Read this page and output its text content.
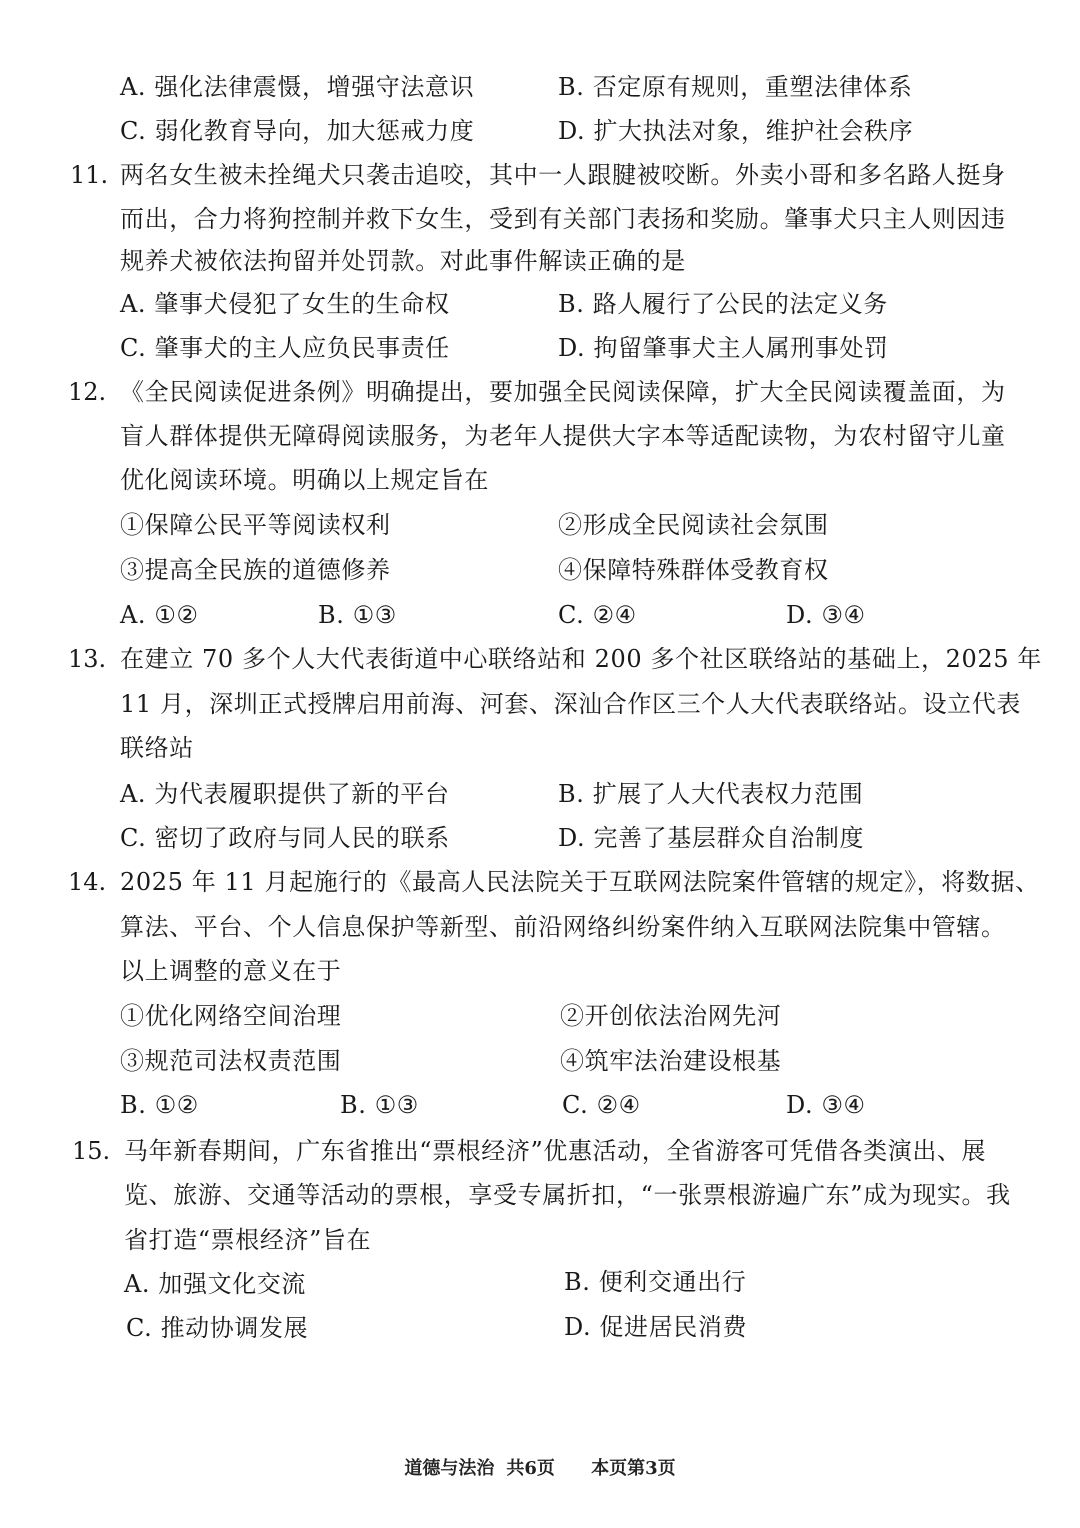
A. 强化法律震慑，增强守法意识	B. 否定原有规则，重塑法律体系
C. 弱化教育导向，加大惩戒力度	D. 扩大执法对象，维护社会秩序
11. 两名女生被未拴绳犬只袭击追咬，其中一人跟腱被咬断。外卖小哥和多名路人挺身
而出，合力将狗控制并救下女生，受到有关部门表扬和奖励。肇事犬只主人则因违
规养犬被依法拘留并处罚款。对此事件解读正确的是
A. 肇事犬侵犯了女生的生命权	B. 路人履行了公民的法定义务
C. 肇事犬的主人应负民事责任	D. 拘留肇事犬主人属刑事处罚
12. 《全民阅读促进条例》明确提出，要加强全民阅读保障，扩大全民阅读覆盖面，为
盲人群体提供无障碍阅读服务，为老年人提供大字本等适配读物，为农村留守儿童
优化阅读环境。明确以上规定旨在
①保障公民平等阅读权利	②形成全民阅读社会氛围
③提高全民族的道德修养	④保障特殊群体受教育权
A. ①②	B. ①③	C. ②④	D. ③④
13. 在建立 70 多个人大代表街道中心联络站和 200 多个社区联络站的基础上，2025 年
11 月，深圳正式授牌启用前海、河套、深汕合作区三个人大代表联络站。设立代表
联络站
A. 为代表履职提供了新的平台	B. 扩展了人大代表权力范围
C. 密切了政府与同人民的联系	D. 完善了基层群众自治制度
14. 2025 年 11 月起施行的《最高人民法院关于互联网法院案件管辖的规定》，将数据、
算法、平台、个人信息保护等新型、前沿网络纠纷案件纳入互联网法院集中管辖。
以上调整的意义在于
①优化网络空间治理	②开创依法治网先河
③规范司法权责范围	④筑牢法治建设根基
B. ①②	B. ①③	C. ②④	D. ③④
15. 马年新春期间，广东省推出“票根经济”优惠活动，全省游客可凭借各类演出、展
览、旅游、交通等活动的票根，享受专属折扣，“一张票根游遍广东”成为现实。我
省打造“票根经济”旨在
A. 加强文化交流	B. 便利交通出行
C. 推动协调发展	D. 促进居民消费
道德与法治 共6页 本页第3页
